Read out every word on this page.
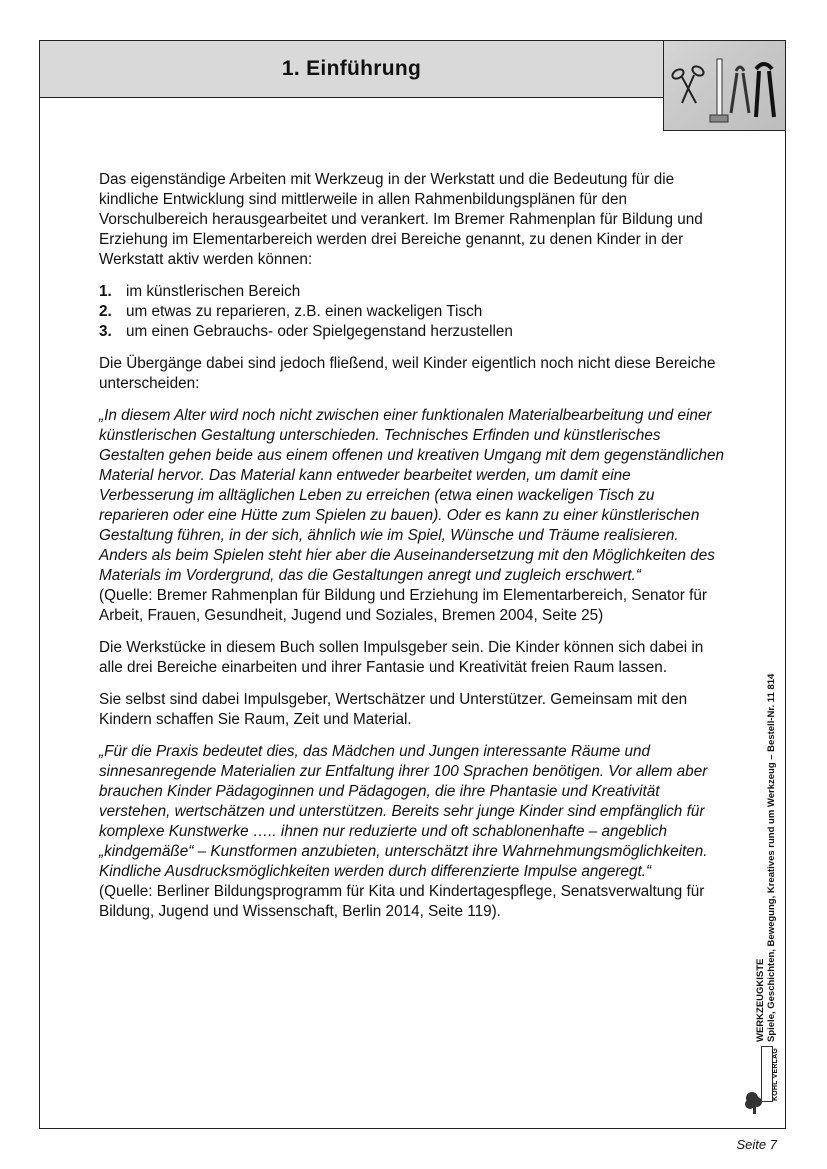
1. Einführung

Das eigenständige Arbeiten mit Werkzeug in der Werkstatt und die Bedeutung für die kindliche Entwicklung sind mittlerweile in allen Rahmenbildungsplänen für den Vorschulbereich herausgearbeitet und verankert. Im Bremer Rahmenplan für Bildung und Erziehung im Elementarbereich werden drei Bereiche genannt, zu denen Kinder in der Werkstatt aktiv werden können:

1. im künstlerischen Bereich
2. um etwas zu reparieren, z.B. einen wackeligen Tisch
3. um einen Gebrauchs- oder Spielgegenstand herzustellen

Die Übergänge dabei sind jedoch fließend, weil Kinder eigentlich noch nicht diese Bereiche unterscheiden:

„In diesem Alter wird noch nicht zwischen einer funktionalen Materialbearbeitung und einer künstlerischen Gestaltung unterschieden. Technisches Erfinden und künstlerisches Gestalten gehen beide aus einem offenen und kreativen Umgang mit dem gegenständlichen Material hervor. Das Material kann entweder bearbeitet werden, um damit eine Verbesserung im alltäglichen Leben zu erreichen (etwa einen wackeligen Tisch zu reparieren oder eine Hütte zum Spielen zu bauen). Oder es kann zu einer künstlerischen Gestaltung führen, in der sich, ähnlich wie im Spiel, Wünsche und Träume realisieren. Anders als beim Spielen steht hier aber die Auseinandersetzung mit den Möglichkeiten des Materials im Vordergrund, das die Gestaltungen anregt und zugleich erschwert.“

(Quelle: Bremer Rahmenplan für Bildung und Erziehung im Elementarbereich, Senator für Arbeit, Frauen, Gesundheit, Jugend und Soziales, Bremen 2004, Seite 25)

Die Werkstücke in diesem Buch sollen Impulsgeber sein. Die Kinder können sich dabei in alle drei Bereiche einarbeiten und ihrer Fantasie und Kreativität freien Raum lassen.

Sie selbst sind dabei Impulsgeber, Wertschätzer und Unterstützer. Gemeinsam mit den Kindern schaffen Sie Raum, Zeit und Material.

„Für die Praxis bedeutet dies, das Mädchen und Jungen interessante Räume und sinnesanregende Materialien zur Entfaltung ihrer 100 Sprachen benötigen. Vor allem aber brauchen Kinder Pädagoginnen und Pädagogen, die ihre Phantasie und Kreativität verstehen, wertschätzen und unterstützen. Bereits sehr junge Kinder sind empfänglich für komplexe Kunstwerke ….. ihnen nur reduzierte und oft schablonenhafte – angeblich „kindgemäße“ – Kunstformen anzubieten, unterschätzt ihre Wahrnehmungsmöglichkeiten. Kindliche Ausdrucksmöglichkeiten werden durch differenzierte Impulse angeregt.“

(Quelle: Berliner Bildungsprogramm für Kita und Kindertagespflege, Senatsverwaltung für Bildung, Jugend und Wissenschaft, Berlin 2014, Seite 119).

WERKZEUGKISTE Spiele, Geschichten, Bewegung, Kreatives rund um Werkzeug – Bestell-Nr. 11 814
KOHL VERLAG
Seite 7
